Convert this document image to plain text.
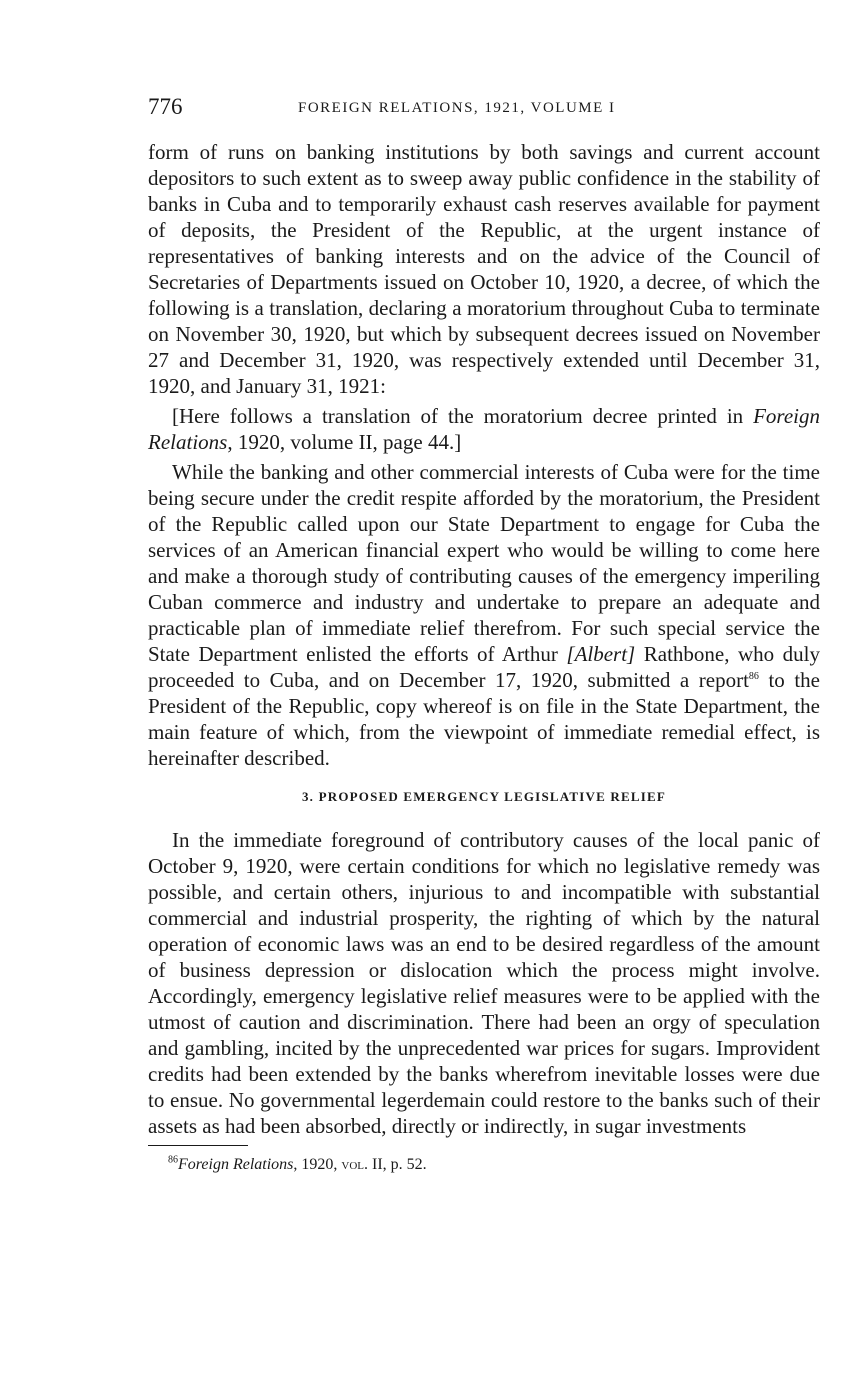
776	FOREIGN RELATIONS, 1921, VOLUME I

form of runs on banking institutions by both savings and current account depositors to such extent as to sweep away public confidence in the stability of banks in Cuba and to temporarily exhaust cash reserves available for payment of deposits, the President of the Republic, at the urgent instance of representatives of banking interests and on the advice of the Council of Secretaries of Departments issued on October 10, 1920, a decree, of which the following is a translation, declaring a moratorium throughout Cuba to terminate on November 30, 1920, but which by subsequent decrees issued on November 27 and December 31, 1920, was respectively extended until December 31, 1920, and January 31, 1921:

[Here follows a translation of the moratorium decree printed in Foreign Relations, 1920, volume II, page 44.]

While the banking and other commercial interests of Cuba were for the time being secure under the credit respite afforded by the moratorium, the President of the Republic called upon our State Department to engage for Cuba the services of an American financial expert who would be willing to come here and make a thorough study of contributing causes of the emergency imperiling Cuban commerce and industry and undertake to prepare an adequate and practicable plan of immediate relief therefrom. For such special service the State Department enlisted the efforts of Arthur [Albert] Rathbone, who duly proceeded to Cuba, and on December 17, 1920, submitted a report$^{86}$ to the President of the Republic, copy whereof is on file in the State Department, the main feature of which, from the viewpoint of immediate remedial effect, is hereinafter described.

3. PROPOSED EMERGENCY LEGISLATIVE RELIEF

In the immediate foreground of contributory causes of the local panic of October 9, 1920, were certain conditions for which no legislative remedy was possible, and certain others, injurious to and incompatible with substantial commercial and industrial prosperity, the righting of which by the natural operation of economic laws was an end to be desired regardless of the amount of business depression or dislocation which the process might involve. Accordingly, emergency legislative relief measures were to be applied with the utmost of caution and discrimination. There had been an orgy of speculation and gambling, incited by the unprecedented war prices for sugars. Improvident credits had been extended by the banks wherefrom inevitable losses were due to ensue. No governmental legerdemain could restore to the banks such of their assets as had been absorbed, directly or indirectly, in sugar investments

$^{86}$Foreign Relations, 1920, vol. II, p. 52.
